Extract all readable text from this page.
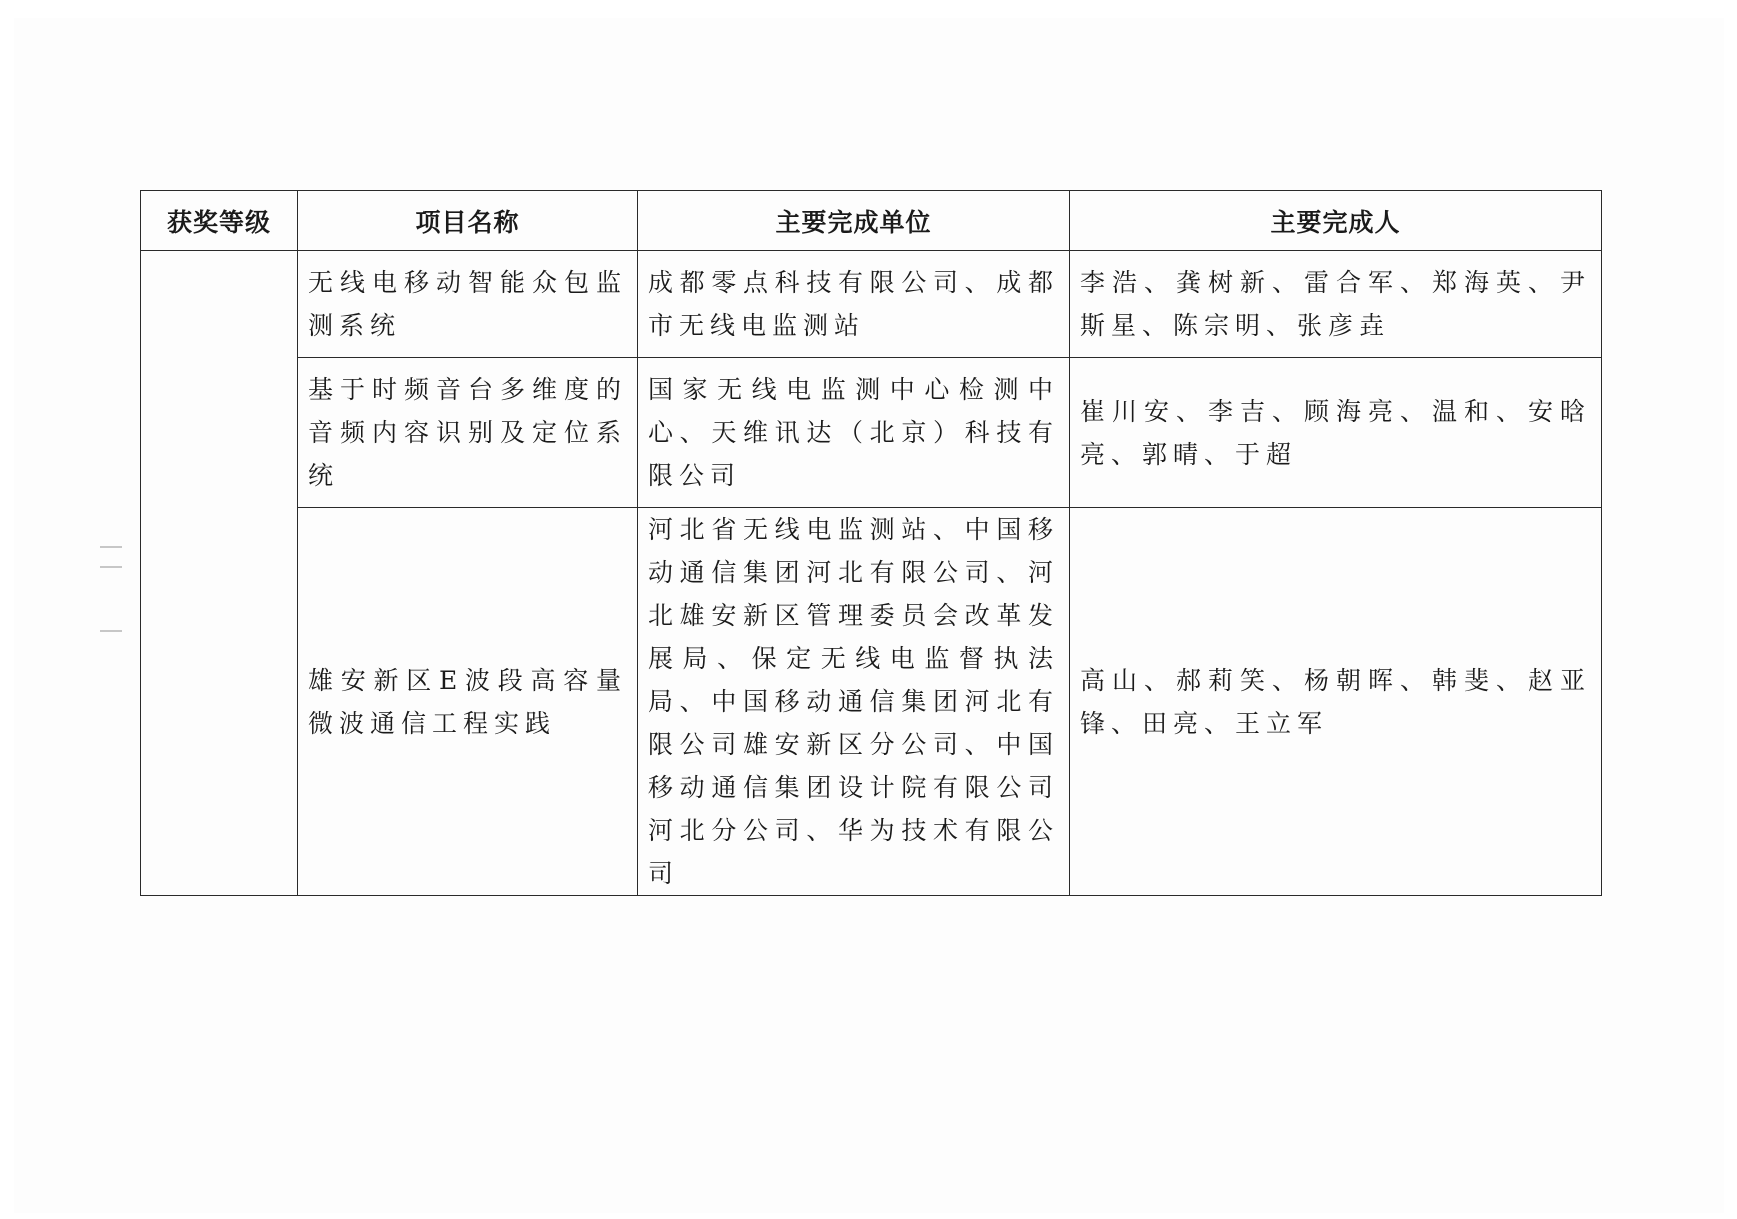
获奖等级	项目名称	主要完成单位	主要完成人
	无线电移动智能众包监测系统	成都零点科技有限公司、成都市无线电监测站	李浩、龚树新、雷合军、郑海英、尹斯星、陈宗明、张彦垚
	基于时频音台多维度的音频内容识别及定位系统	国家无线电监测中心检测中心、天维讯达（北京）科技有限公司	崔川安、李吉、顾海亮、温和、安晗亮、郭晴、于超
	雄安新区E波段高容量微波通信工程实践	河北省无线电监测站、中国移动通信集团河北有限公司、河北雄安新区管理委员会改革发展局、保定无线电监督执法局、中国移动通信集团河北有限公司雄安新区分公司、中国移动通信集团设计院有限公司河北分公司、华为技术有限公司	高山、郝莉笑、杨朝晖、韩斐、赵亚锋、田亮、王立军
